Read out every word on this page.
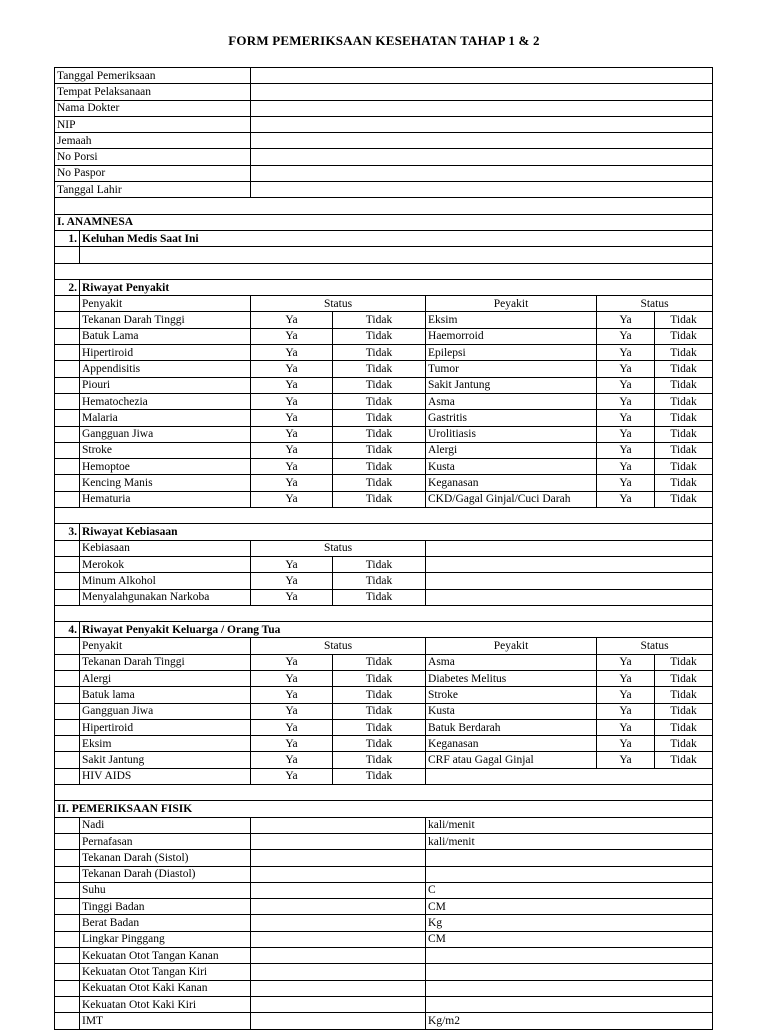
FORM PEMERIKSAAN KESEHATAN TAHAP 1 & 2
Tanggal Pemeriksaan						
Tempat Pelaksanaan						
Nama Dokter						
NIP						
Jemaah						
No Porsi						
No Paspor						
Tanggal Lahir						

I. ANAMNESA						
1.	Keluhan Medis Saat Ini					

2.	Riwayat Penyakit					
	Penyakit	Status		Peyakit	Status	
	Tekanan Darah Tinggi	Ya	Tidak	Eksim	Ya	Tidak
	Batuk Lama	Ya	Tidak	Haemorroid	Ya	Tidak
	Hipertiroid	Ya	Tidak	Epilepsi	Ya	Tidak
	Appendisitis	Ya	Tidak	Tumor	Ya	Tidak
	Piouri	Ya	Tidak	Sakit Jantung	Ya	Tidak
	Hematochezia	Ya	Tidak	Asma	Ya	Tidak
	Malaria	Ya	Tidak	Gastritis	Ya	Tidak
	Gangguan Jiwa	Ya	Tidak	Urolitiasis	Ya	Tidak
	Stroke	Ya	Tidak	Alergi	Ya	Tidak
	Hemoptoe	Ya	Tidak	Kusta	Ya	Tidak
	Kencing Manis	Ya	Tidak	Keganasan	Ya	Tidak
	Hematuria	Ya	Tidak	CKD/Gagal Ginjal/Cuci Darah	Ya	Tidak

3.	Riwayat Kebiasaan					
	Kebiasaan	Status				
	Merokok	Ya	Tidak			
	Minum Alkohol	Ya	Tidak			
	Menyalahgunakan Narkoba	Ya	Tidak			

4.	Riwayat Penyakit Keluarga / Orang Tua					
	Penyakit	Status		Peyakit	Status	
	Tekanan Darah Tinggi	Ya	Tidak	Asma	Ya	Tidak
	Alergi	Ya	Tidak	Diabetes Melitus	Ya	Tidak
	Batuk lama	Ya	Tidak	Stroke	Ya	Tidak
	Gangguan Jiwa	Ya	Tidak	Kusta	Ya	Tidak
	Hipertiroid	Ya	Tidak	Batuk Berdarah	Ya	Tidak
	Eksim	Ya	Tidak	Keganasan	Ya	Tidak
	Sakit Jantung	Ya	Tidak	CRF atau Gagal Ginjal	Ya	Tidak
	HIV AIDS	Ya	Tidak			

II. PEMERIKSAAN FISIK						
	Nadi			kali/menit		
	Pernafasan			kali/menit		
	Tekanan Darah (Sistol)					
	Tekanan Darah (Diastol)					
	Suhu			C		
	Tinggi Badan			CM		
	Berat Badan			Kg		
	Lingkar Pinggang			CM		
	Kekuatan Otot Tangan Kanan					
	Kekuatan Otot Tangan Kiri					
	Kekuatan Otot Kaki Kanan					
	Kekuatan Otot Kaki Kiri					
	IMT			Kg/m2		
